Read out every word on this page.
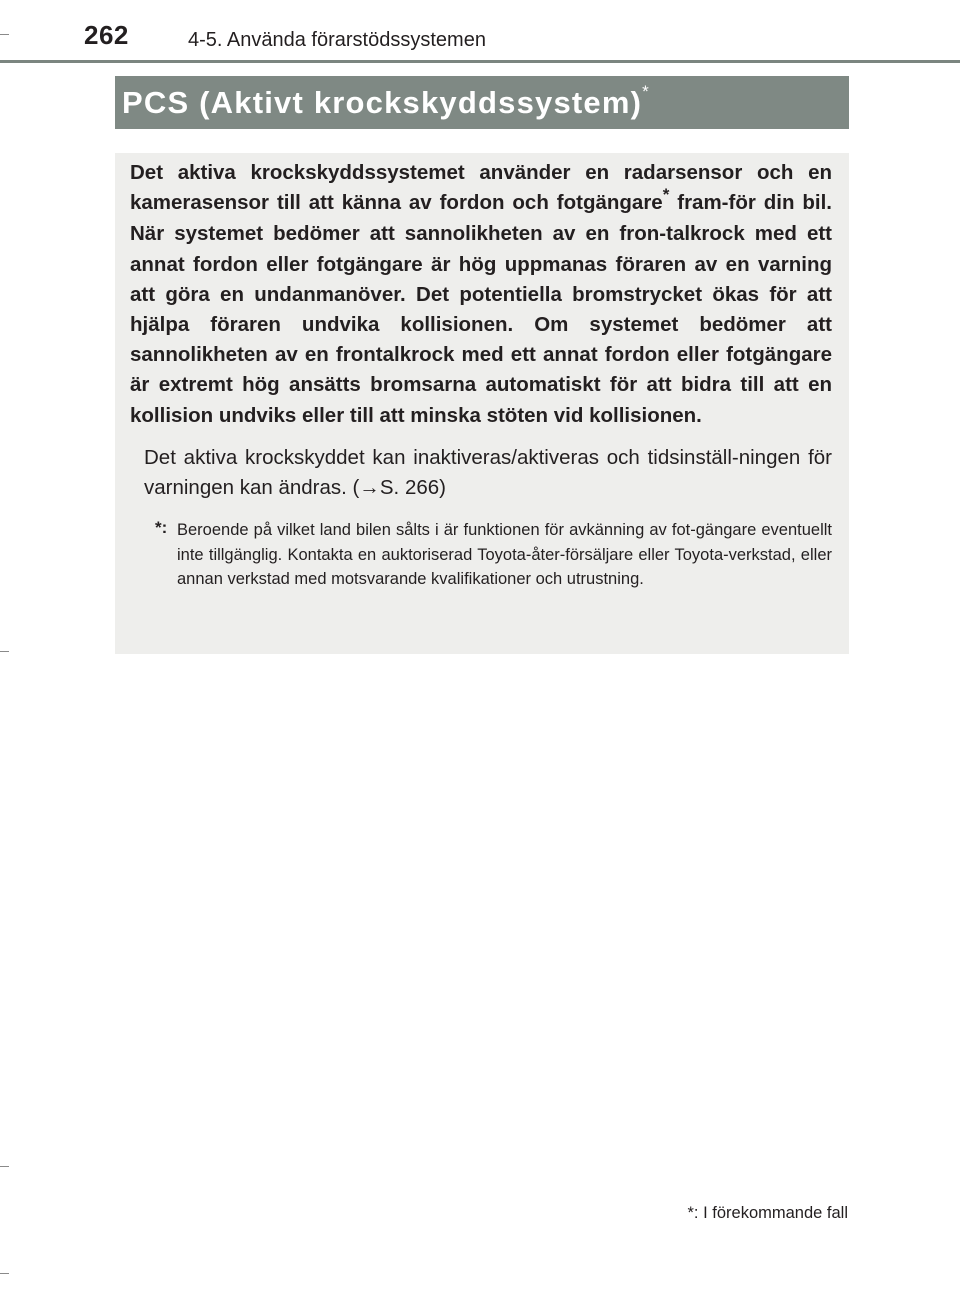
262	4-5. Använda förarstödssystemen
PCS (Aktivt krockskyddssystem)*

Det aktiva krockskyddssystemet använder en radarsensor och en kamerasensor till att känna av fordon och fotgängare* fram-för din bil. När systemet bedömer att sannolikheten av en fron-talkrock med ett annat fordon eller fotgängare är hög uppmanas föraren av en varning att göra en undanmanöver. Det potentiella bromstrycket ökas för att hjälpa föraren undvika kollisionen. Om systemet bedömer att sannolikheten av en frontalkrock med ett annat fordon eller fotgängare är extremt hög ansätts bromsarna automatiskt för att bidra till att en kollision undviks eller till att minska stöten vid kollisionen.

Det aktiva krockskyddet kan inaktiveras/aktiveras och tidsinställ-ningen för varningen kan ändras. (→S. 266)

*: Beroende på vilket land bilen sålts i är funktionen för avkänning av fot-gängare eventuellt inte tillgänglig. Kontakta en auktoriserad Toyota-åter-försäljare eller Toyota-verkstad, eller annan verkstad med motsvarande kvalifikationer och utrustning.
*: I förekommande fall
